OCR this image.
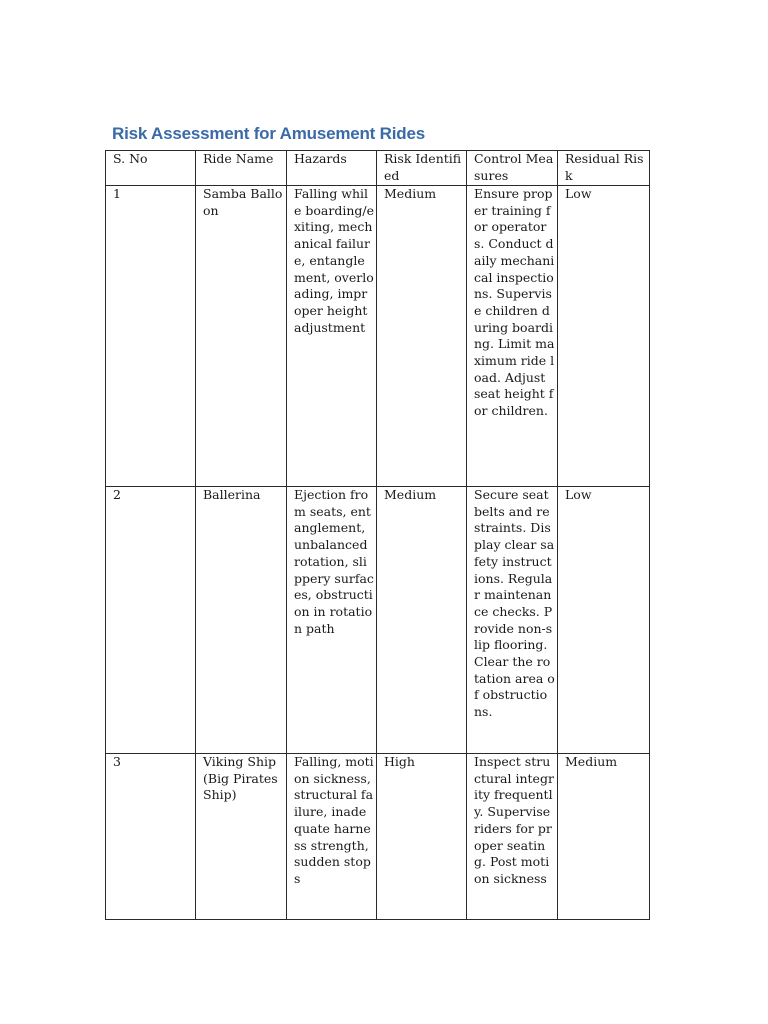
Risk Assessment for Amusement Rides
S. No	Ride Name	Hazards	Risk Identified	Control Measures	Residual Risk
1	Samba Balloon	Falling while boarding/exiting, mechanical failure, entanglement, overloading, improper height adjustment	Medium	Ensure proper training for operators. Conduct daily mechanical inspections. Supervise children during boarding. Limit maximum ride load. Adjust seat height for children.	Low
2	Ballerina	Ejection from seats, entanglement, unbalanced rotation, slippery surfaces, obstruction in rotation path	Medium	Secure seat belts and restraints. Display clear safety instructions. Regular maintenance checks. Provide non-slip flooring. Clear the rotation area of obstructions.	Low
3	Viking Ship (Big Pirates Ship)	Falling, motion sickness, structural failure, inadequate harness strength, sudden stops	High	Inspect structural integrity frequently. Supervise riders for proper seating. Post motion sickness	Medium
